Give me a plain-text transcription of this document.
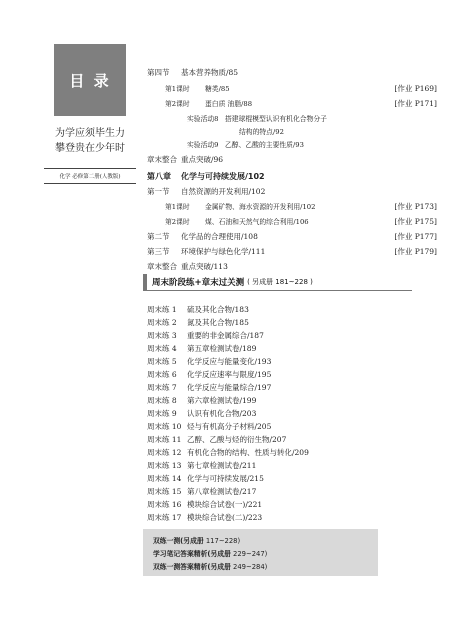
目 录
为学应须毕生力
攀登贵在少年时
化学 必修第二册(人教版)
第四节 基本营养物质/85
第1课时 糖类/85	[作业 P169]
第2课时 蛋白质 油脂/88	[作业 P171]
实验活动8 搭建球棍模型认识有机化合物分子
结构的特点/92
实验活动9 乙醇、乙酸的主要性质/93
章末整合 重点突破/96
第八章 化学与可持续发展/102
第一节 自然资源的开发利用/102
第1课时 金属矿物、海水资源的开发利用/102	[作业 P173]
第2课时 煤、石油和天然气的综合利用/106	[作业 P175]
第二节 化学品的合理使用/108	[作业 P177]
第三节 环境保护与绿色化学/111	[作业 P179]
章末整合 重点突破/113
周末练 1 硫及其化合物/183
周末练 2 氮及其化合物/185
周末练 3 重要的非金属综合/187
周末练 4 第五章检测试卷/189
周末练 5 化学反应与能量变化/193
周末练 6 化学反应速率与限度/195
周末练 7 化学反应与能量综合/197
周末练 8 第六章检测试卷/199
周末练 9 认识有机化合物/203
周末练 10 烃与有机高分子材料/205
周末练 11 乙醇、乙酸与烃的衍生物/207
周末练 12 有机化合物的结构、性质与转化/209
周末练 13 第七章检测试卷/211
周末练 14 化学与可持续发展/215
周末练 15 第八章检测试卷/217
周末练 16 模块综合试卷(一)/221
周末练 17 模块综合试卷(二)/223
周末阶段练+章末过关测 ( 另成册 181~228 )
双练一测(另成册 117~228)
学习笔记答案精析(另成册 229~247)
双练一测答案精析(另成册 249~284)
